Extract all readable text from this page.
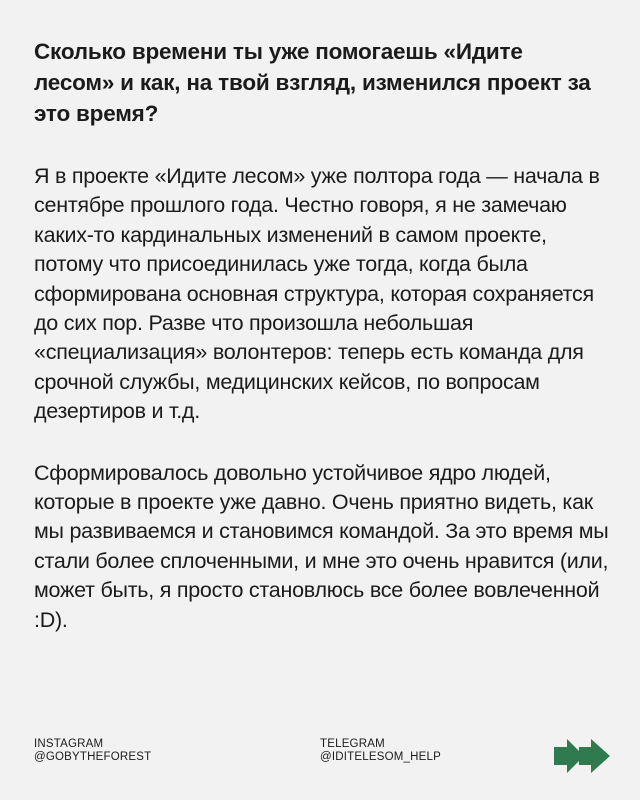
Сколько времени ты уже помогаешь «Идите лесом» и как, на твой взгляд, изменился проект за это время?

Я в проекте «Идите лесом» уже полтора года — начала в сентябре прошлого года. Честно говоря, я не замечаю каких-то кардинальных изменений в самом проекте, потому что присоединилась уже тогда, когда была сформирована основная структура, которая сохраняется до сих пор. Разве что произошла небольшая «специализация» волонтеров: теперь есть команда для срочной службы, медицинских кейсов, по вопросам дезертиров и т.д.

Сформировалось довольно устойчивое ядро людей, которые в проекте уже давно. Очень приятно видеть, как мы развиваемся и становимся командой. За это время мы стали более сплоченными, и мне это очень нравится (или, может быть, я просто становлюсь все более вовлеченной :D).

INSTAGRAM
@GOBYTHEFOREST
TELEGRAM
@IDITELESOM_HELP
